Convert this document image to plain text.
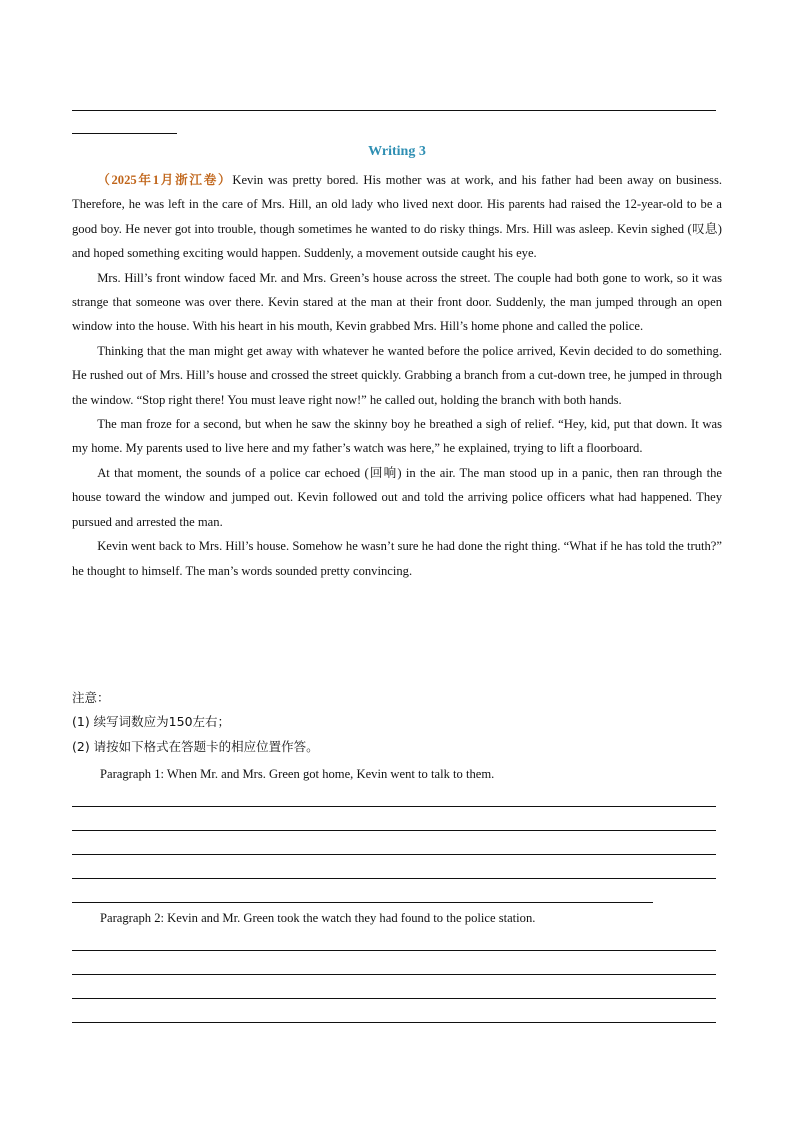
Writing 3

（2025年1月浙江卷）Kevin was pretty bored. His mother was at work, and his father had been away on business. Therefore, he was left in the care of Mrs. Hill, an old lady who lived next door. His parents had raised the 12-year-old to be a good boy. He never got into trouble, though sometimes he wanted to do risky things. Mrs. Hill was asleep. Kevin sighed (叹息) and hoped something exciting would happen. Suddenly, a movement outside caught his eye.

Mrs. Hill’s front window faced Mr. and Mrs. Green’s house across the street. The couple had both gone to work, so it was strange that someone was over there. Kevin stared at the man at their front door. Suddenly, the man jumped through an open window into the house. With his heart in his mouth, Kevin grabbed Mrs. Hill’s home phone and called the police.

Thinking that the man might get away with whatever he wanted before the police arrived, Kevin decided to do something. He rushed out of Mrs. Hill’s house and crossed the street quickly. Grabbing a branch from a cut-down tree, he jumped in through the window. “Stop right there! You must leave right now!” he called out, holding the branch with both hands.

The man froze for a second, but when he saw the skinny boy he breathed a sigh of relief. “Hey, kid, put that down. It was my home. My parents used to live here and my father’s watch was here,” he explained, trying to lift a floorboard.

At that moment, the sounds of a police car echoed (回响) in the air. The man stood up in a panic, then ran through the house toward the window and jumped out. Kevin followed out and told the arriving police officers what had happened. They pursued and arrested the man.

Kevin went back to Mrs. Hill’s house. Somehow he wasn’t sure he had done the right thing. “What if he has told the truth?” he thought to himself. The man’s words sounded pretty convincing.

注意：
(1) 续写词数应为150左右；
(2) 请按如下格式在答题卡的相应位置作答。
Paragraph 1: When Mr. and Mrs. Green got home, Kevin went to talk to them.
Paragraph 2: Kevin and Mr. Green took the watch they had found to the police station.
